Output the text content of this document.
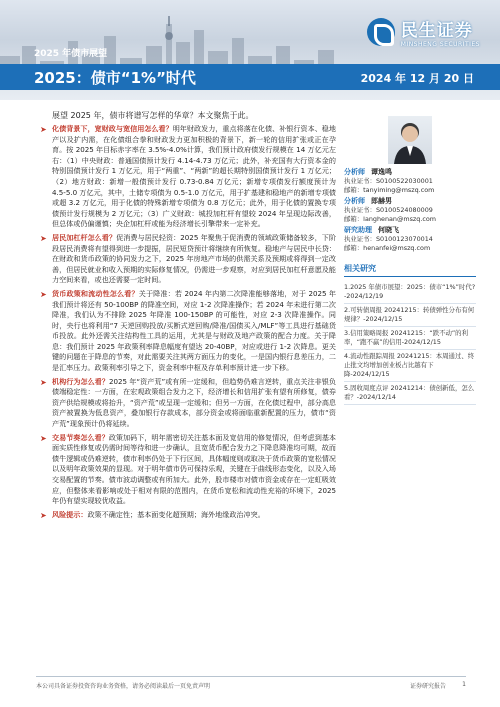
民生证券
MINSHENG SECURITIES
2025 年债市展望
2025：债市“1%”时代	2024 年 12 月 20 日
展望 2025 年，债市将谱写怎样的华章？本文聚焦于此。
➤ 化债背景下，宽财政与宽信用怎么看？明年财政发力，重点将落在化债、补银行资本、稳地产以及扩内需，在化债组合拳和财政发力更加积极的背景下，新一轮的信用扩张或正在孕育。按 2025 年目标赤字率在 3.5%-4.0%计算，我们预计政府债发行规模在 14 万亿元左右：（1）中央财政：普通国债预计发行 4.14-4.73 万亿元；此外，补充国有大行资本金的特别国债预计发行 1 万亿元，用于“两重”、“两新”的超长期特别国债预计发行 1 万亿元；（2）地方财政：新增一般债预计发行 0.73-0.84 万亿元；新增专项债发行额度预计为 4.5-5.0 万亿元，其中，土储专项债为 0.5-1.0 万亿元，用于扩基建和稳地产的新增专项债或超 3.2 万亿元，用于化债的特殊新增专项债为 0.8 万亿元；此外，用于化债的置换专项债预计发行规模为 2 万亿元；（3）广义财政：城投加杠杆有望较 2024 年呈现边际改善，但总体或仍偏谨慎；央企加杠杆或能为经济增长引擎带来一定补充。
➤ 居民加杠杆怎么看？促消费与居民轻资：2025 年聚焦于促消费的领域政策储备较多，下阶段居民消费将有望得到进一步提振，居民短贷预计将继续有所恢复。稳地产与居民中长贷：在财政和货币政策的协同发力之下，2025 年房地产市场的供需关系及预期或将得到一定改善，但居民就业和收入预期的实际修复情况，仍需进一步观察，对应到居民加杠杆意愿及能力空间来看，或也还需要一定时间。
➤ 货币政策和流动性怎么看？关于降准：若 2024 年内第二次降准能够落地，对于 2025 年我们预计将还有 50-100BP 的降准空间，对应 1-2 次降准操作；若 2024 年未进行第二次降准，我们认为不排除 2025 年降准 100-150BP 的可能性，对应 2-3 次降准操作。同时，央行也将利用“7 天逆回购投放/买断式逆回购/降准/国债买入/MLF”等工具进行基础货币投放。此外还需关注结构性工具的运用，尤其是与财政及地产政策的配合力度。关于降息：我们预计 2025 年政策利率降息幅度有望达 20-40BP，对应或进行 1-2 次降息。更关键的问题在于降息的节奏，对此需要关注其两方面压力的变化，一是国内银行息差压力，二是汇率压力。政策利率引导之下，资金利率中枢及存单利率预计进一步下移。
➤ 机构行为怎么看？2025 年“资产荒”或有所一定缓和，但趋势仍难言逆转，重点关注非银负债端稳定性：一方面，在宏观政策组合发力之下，经济增长和信用扩张有望有所修复，债券资产供给规模或将抬升，“资产荒”或呈现一定缓和；但另一方面，在化债过程中，部分高息资产被置换为低息资产，叠加银行存款成本，部分资金或将面临重新配置的压力，债市“资产荒”现象预计仍将延续。
➤ 交易节奏怎么看？政策加码下，明年需密切关注基本面及宽信用的修复情况，但考虑到基本面实质性修复或仍需时间等待和进一步确认，且宽货币配合发力之下降息降准均可期，故而债牛逻辑或仍难逆转，债市利率仍处于下行区间，具体幅度则或取决于货币政策的宽松情况以及明年政策效果的显现。对于明年债市仍可保持乐观，关键在于曲线形态变化，以及入场交易配置的节奏。债市波动调整或有所加大。此外，股市楼市对债市资金或存在一定虹吸效应，但整体来看影响或处于相对有限的范围内，在货币宽松和流动性充裕的环境下，2025 年仍有望实现较优收益。
➤ 风险提示：政策不确定性；基本面变化超预期；海外地缘政治冲突。
分析师 谭逸鸣
执业证书：S0100522030001
邮箱：tanyiming@mszq.com
分析师 郎赫男
执业证书：S0100524080009
邮箱：langhenan@mszq.com
研究助理 何晓飞
执业证书：S0100123070014
邮箱：henanfei@mszq.com
相关研究
1.2025 年债市展望：2025：债市“1%”时代? -2024/12/19
2.可转债周报 20241215：转债弹性分布有何规律？-2024/12/15
3.信用策略周报 20241215：“跌不动”的利率，“跑不赢”的信用-2024/12/15
4.流动性跟踪周报 20241215：本周通过、终止批文均增加创业板占比越有下降-2024/12/15
5.固收周度点评 20241214：债创新低，怎么看？-2024/12/14
本公司具备证券投资咨询业务资格，请务必阅读最后一页免责声明	证券研究报告	1
